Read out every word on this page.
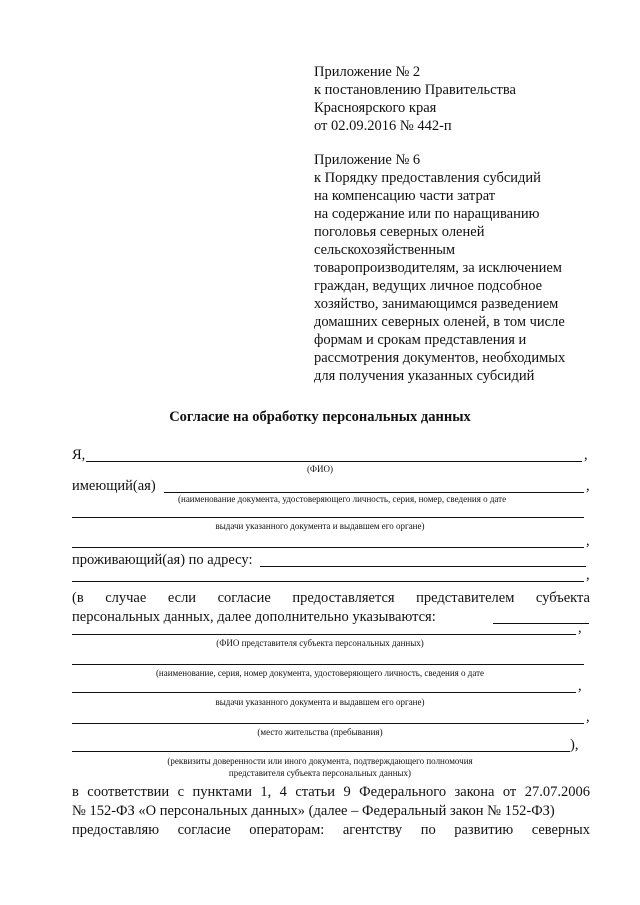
Приложение № 2
к постановлению Правительства
Красноярского края
от 02.09.2016 № 442-п
Приложение № 6
к Порядку предоставления субсидий
на компенсацию части затрат
на содержание или по наращиванию
поголовья северных оленей
сельскохозяйственным
товаропроизводителям, за исключением
граждан, ведущих личное подсобное
хозяйство, занимающимся разведением
домашних северных оленей, в том числе
формам и срокам представления и
рассмотрения документов, необходимых
для получения указанных субсидий
Согласие на обработку персональных данных
Я,	,
(ФИО)
имеющий(ая)	,
(наименование документа, удостоверяющего личность, серия, номер, сведения о дате
выдачи указанного документа и выдавшем его органе)
,
проживающий(ая) по адресу:
,
(в случае если согласие предоставляется представителем субъекта
персональных данных, далее дополнительно указываются:
,
(ФИО представителя субъекта персональных данных)
(наименование, серия, номер документа, удостоверяющего личность, сведения о дате
,
выдачи указанного документа и выдавшем его органе)
,
(место жительства (пребывания)
),
(реквизиты доверенности или иного документа, подтверждающего полномочия
представителя субъекта персональных данных)
в соответствии с пунктами 1, 4 статьи 9 Федерального закона от 27.07.2006
№ 152-ФЗ «О персональных данных» (далее – Федеральный закон № 152-ФЗ)
предоставляю согласие операторам: агентству по развитию северных
